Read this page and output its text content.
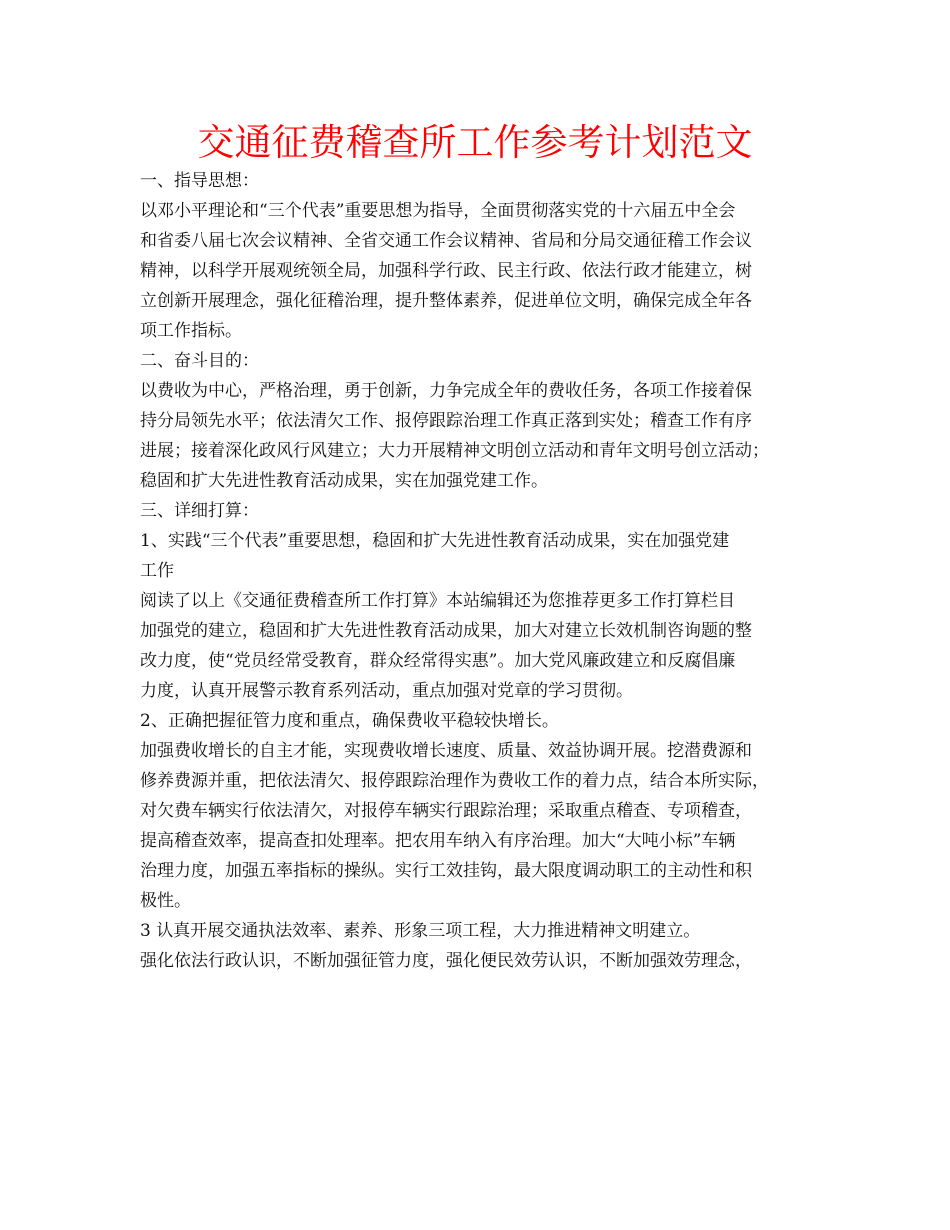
交通征费稽查所工作参考计划范文
一、指导思想：
以邓小平理论和“三个代表”重要思想为指导，全面贯彻落实党的十六届五中全会
和省委八届七次会议精神、全省交通工作会议精神、省局和分局交通征稽工作会议
精神，以科学开展观统领全局，加强科学行政、民主行政、依法行政才能建立，树
立创新开展理念，强化征稽治理，提升整体素养，促进单位文明，确保完成全年各
项工作指标。
二、奋斗目的：
以费收为中心，严格治理，勇于创新，力争完成全年的费收任务，各项工作接着保
持分局领先水平；依法清欠工作、报停跟踪治理工作真正落到实处；稽查工作有序
进展；接着深化政风行风建立；大力开展精神文明创立活动和青年文明号创立活动；
稳固和扩大先进性教育活动成果，实在加强党建工作。
三、详细打算：
1、实践“三个代表”重要思想，稳固和扩大先进性教育活动成果，实在加强党建
工作
阅读了以上《交通征费稽查所工作打算》本站编辑还为您推荐更多工作打算栏目
加强党的建立，稳固和扩大先进性教育活动成果，加大对建立长效机制咨询题的整
改力度，使“党员经常受教育，群众经常得实惠”。加大党风廉政建立和反腐倡廉
力度，认真开展警示教育系列活动，重点加强对党章的学习贯彻。
2、正确把握征管力度和重点，确保费收平稳较快增长。
加强费收增长的自主才能，实现费收增长速度、质量、效益协调开展。挖潜费源和
修养费源并重，把依法清欠、报停跟踪治理作为费收工作的着力点，结合本所实际，
对欠费车辆实行依法清欠，对报停车辆实行跟踪治理；采取重点稽查、专项稽查，
提高稽查效率，提高查扣处理率。把农用车纳入有序治理。加大“大吨小标”车辆
治理力度，加强五率指标的操纵。实行工效挂钩，最大限度调动职工的主动性和积
极性。
3 认真开展交通执法效率、素养、形象三项工程，大力推进精神文明建立。
强化依法行政认识，不断加强征管力度，强化便民效劳认识，不断加强效劳理念，
